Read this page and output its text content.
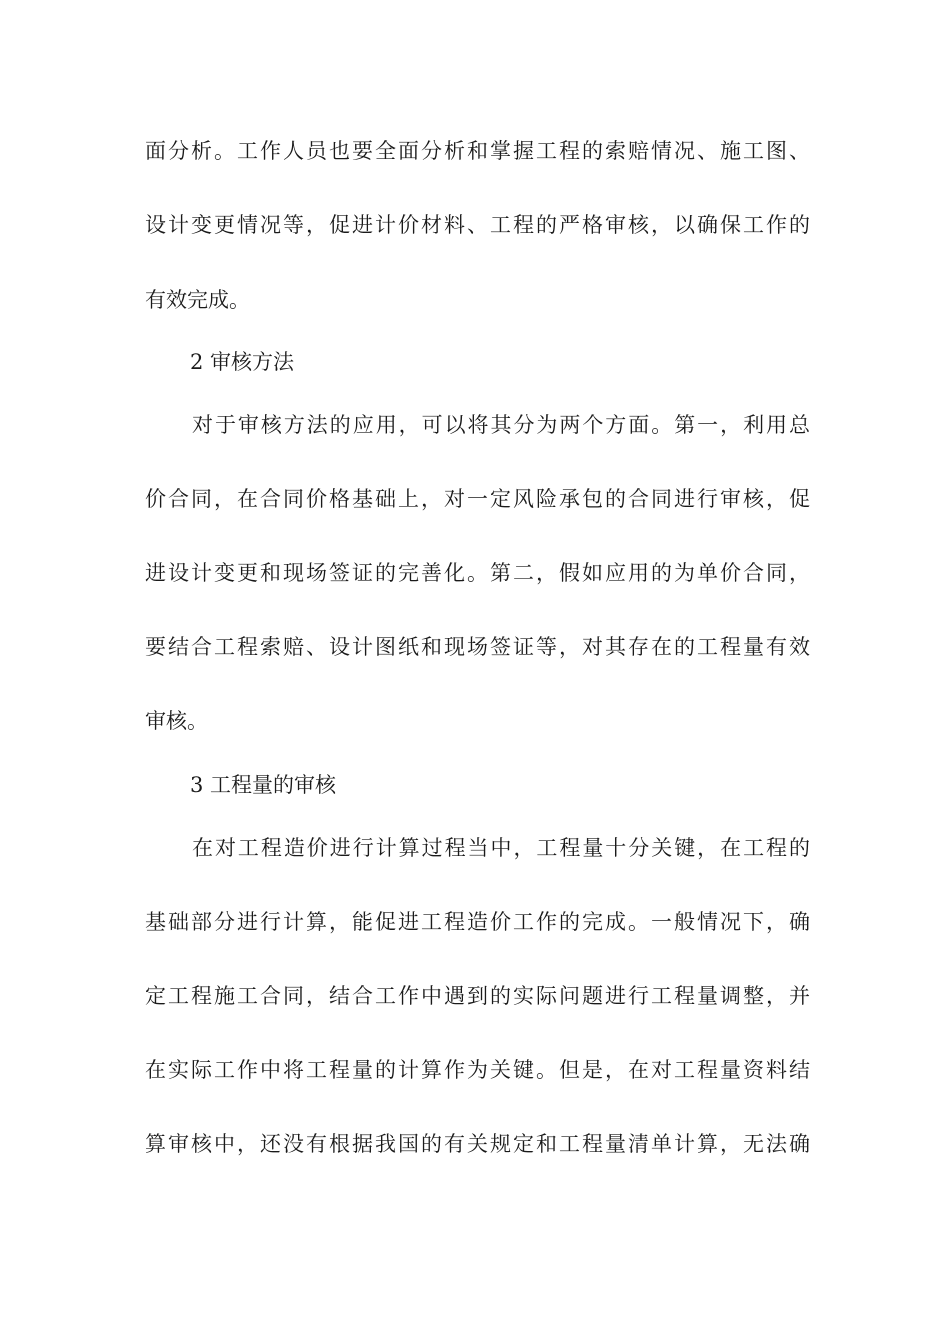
面分析。工作人员也要全面分析和掌握工程的索赔情况、施工图、
设计变更情况等，促进计价材料、工程的严格审核，以确保工作的
有效完成。
2 审核方法
对于审核方法的应用，可以将其分为两个方面。第一，利用总
价合同，在合同价格基础上，对一定风险承包的合同进行审核，促
进设计变更和现场签证的完善化。第二，假如应用的为单价合同，
要结合工程索赔、设计图纸和现场签证等，对其存在的工程量有效
审核。
3 工程量的审核
在对工程造价进行计算过程当中，工程量十分关键，在工程的
基础部分进行计算，能促进工程造价工作的完成。一般情况下，确
定工程施工合同，结合工作中遇到的实际问题进行工程量调整，并
在实际工作中将工程量的计算作为关键。但是，在对工程量资料结
算审核中，还没有根据我国的有关规定和工程量清单计算，无法确
